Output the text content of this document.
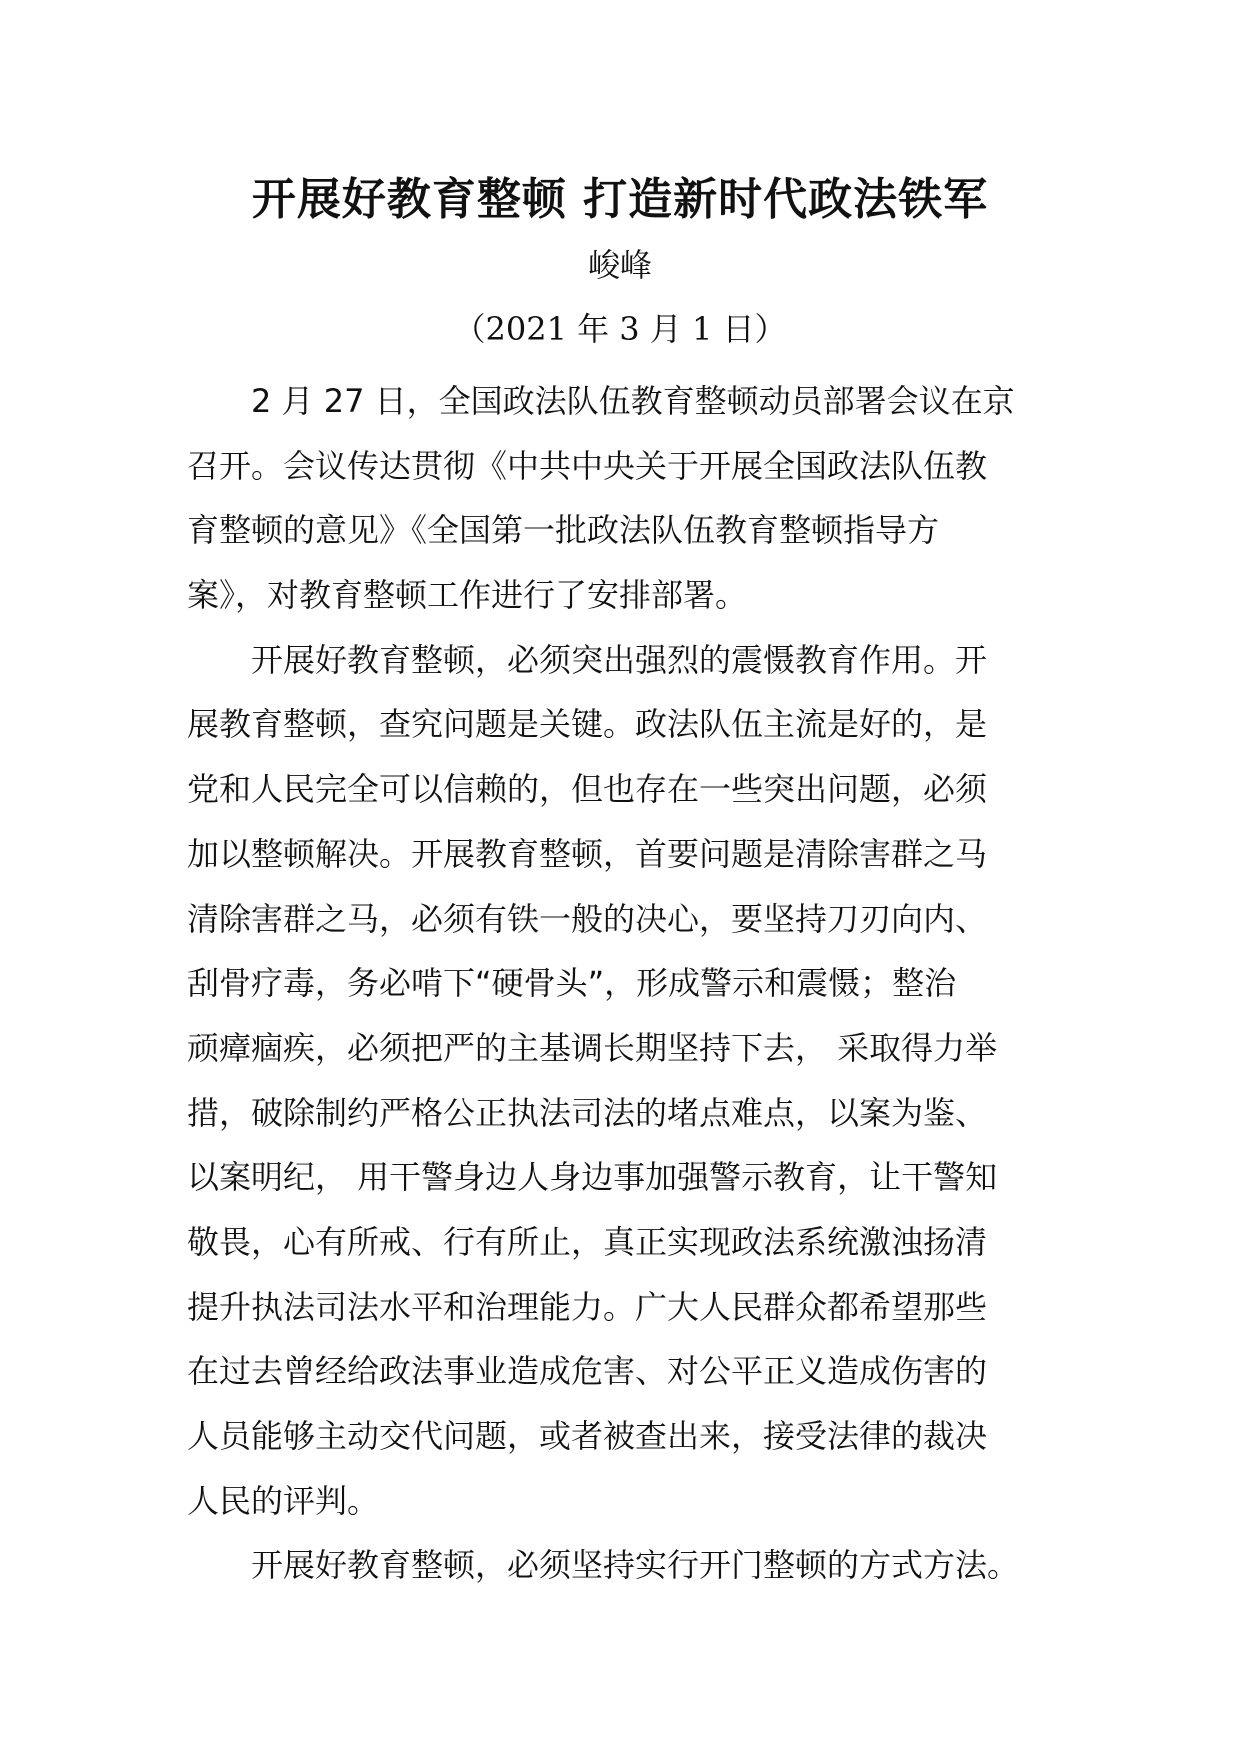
开展好教育整顿 打造新时代政法铁军
峻峰
（2021 年 3 月 1 日）
2 月 27 日，全国政法队伍教育整顿动员部署会议在京
召开。会议传达贯彻《中共中央关于开展全国政法队伍教
育整顿的意见》《全国第一批政法队伍教育整顿指导方
案》，对教育整顿工作进行了安排部署。
开展好教育整顿，必须突出强烈的震慑教育作用。开
展教育整顿，查究问题是关键。政法队伍主流是好的，是
党和人民完全可以信赖的，但也存在一些突出问题，必须
加以整顿解决。开展教育整顿，首要问题是清除害群之马
清除害群之马，必须有铁一般的决心，要坚持刀刃向内、
刮骨疗毒，务必啃下“硬骨头”，形成警示和震慑；整治
顽瘴痼疾，必须把严的主基调长期坚持下去， 采取得力举
措，破除制约严格公正执法司法的堵点难点，以案为鉴、
以案明纪， 用干警身边人身边事加强警示教育，让干警知
敬畏，心有所戒、行有所止，真正实现政法系统激浊扬清
提升执法司法水平和治理能力。广大人民群众都希望那些
在过去曾经给政法事业造成危害、对公平正义造成伤害的
人员能够主动交代问题，或者被查出来，接受法律的裁决
人民的评判。
开展好教育整顿，必须坚持实行开门整顿的方式方法。
